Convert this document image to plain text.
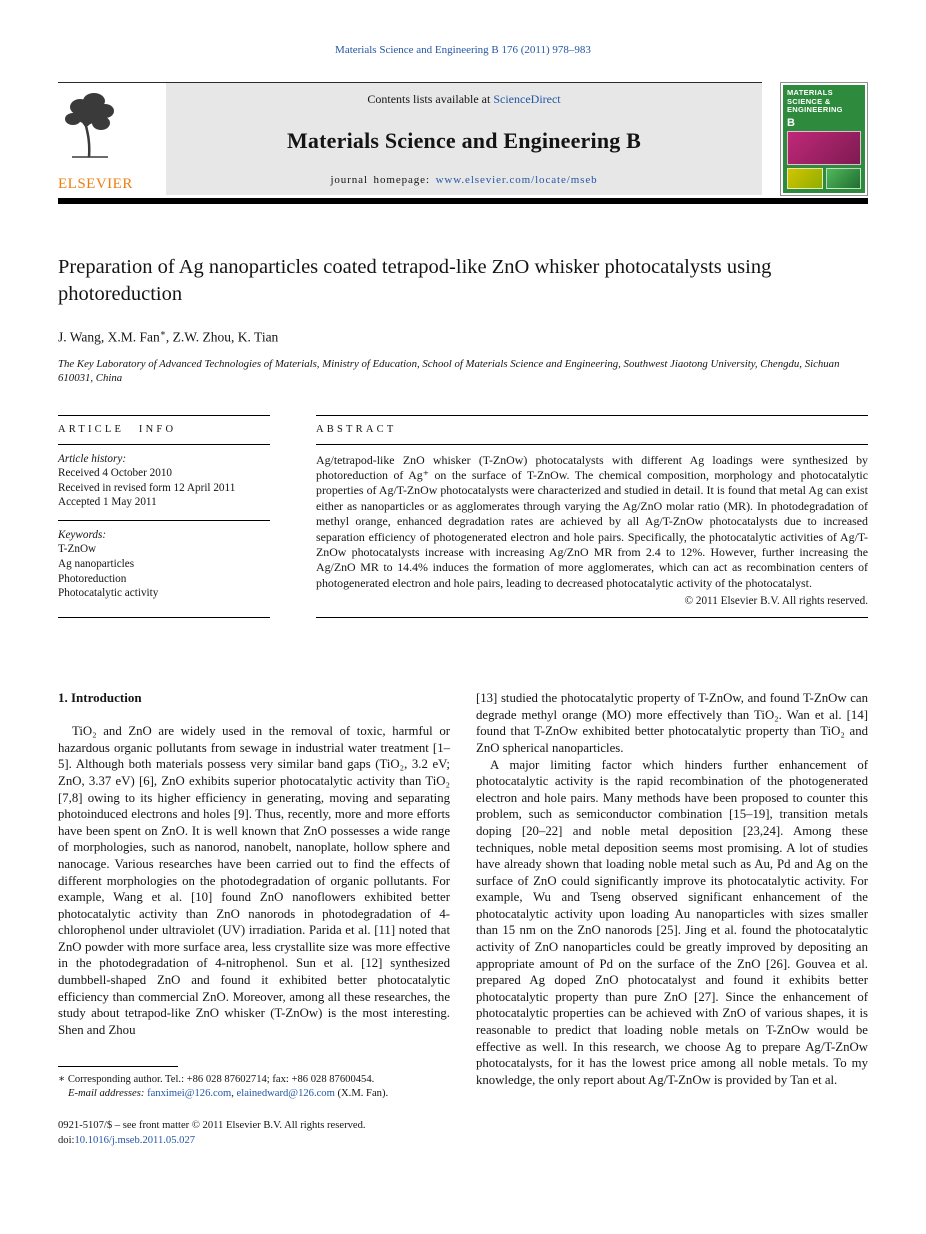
Materials Science and Engineering B 176 (2011) 978–983
ELSEVIER
Contents lists available at ScienceDirect
Materials Science and Engineering B
journal homepage: www.elsevier.com/locate/mseb
MATERIALS
SCIENCE &
ENGINEERING
B
Preparation of Ag nanoparticles coated tetrapod-like ZnO whisker photocatalysts using photoreduction
J. Wang, X.M. Fan∗, Z.W. Zhou, K. Tian
The Key Laboratory of Advanced Technologies of Materials, Ministry of Education, School of Materials Science and Engineering, Southwest Jiaotong University, Chengdu, Sichuan 610031, China
ARTICLE INFO
Article history:
Received 4 October 2010
Received in revised form 12 April 2011
Accepted 1 May 2011
Keywords:
T-ZnOw
Ag nanoparticles
Photoreduction
Photocatalytic activity
ABSTRACT
Ag/tetrapod-like ZnO whisker (T-ZnOw) photocatalysts with different Ag loadings were synthesized by photoreduction of Ag⁺ on the surface of T-ZnOw. The chemical composition, morphology and photocatalytic properties of Ag/T-ZnOw photocatalysts were characterized and studied in detail. It is found that metal Ag can exist either as nanoparticles or as agglomerates through varying the Ag/ZnO molar ratio (MR). In photodegradation of methyl orange, enhanced degradation rates are achieved by all Ag/T-ZnOw photocatalysts due to increased separation efficiency of photogenerated electron and hole pairs. Specifically, the photocatalytic activities of Ag/T-ZnOw photocatalysts increase with increasing Ag/ZnO MR from 2.4 to 12%. However, further increasing the Ag/ZnO MR to 14.4% induces the formation of more agglomerates, which can act as recombination centers of photogenerated electron and hole pairs, leading to decreased photocatalytic activity of the photocatalyst.
© 2011 Elsevier B.V. All rights reserved.
1. Introduction

TiO₂ and ZnO are widely used in the removal of toxic, harmful or hazardous organic pollutants from sewage in industrial water treatment [1–5]. Although both materials possess very similar band gaps (TiO₂, 3.2 eV; ZnO, 3.37 eV) [6], ZnO exhibits superior photocatalytic activity than TiO₂ [7,8] owing to its higher efficiency in generating, moving and separating photoinduced electrons and holes [9]. Thus, recently, more and more efforts have been spent on ZnO. It is well known that ZnO possesses a wide range of morphologies, such as nanorod, nanobelt, nanoplate, hollow sphere and nanocage. Various researches have been carried out to find the effects of different morphologies on the photodegradation of organic pollutants. For example, Wang et al. [10] found ZnO nanoflowers exhibited better photocatalytic activity than ZnO nanorods in photodegradation of 4-chlorophenol under ultraviolet (UV) irradiation. Parida et al. [11] noted that ZnO powder with more surface area, less crystallite size was more effective in the photodegradation of 4-nitrophenol. Sun et al. [12] synthesized dumbbell-shaped ZnO and found it exhibited better photocatalytic efficiency than commercial ZnO. Moreover, among all these researches, the study about tetrapod-like ZnO whisker (T-ZnOw) is the most interesting. Shen and Zhou

∗ Corresponding author. Tel.: +86 028 87602714; fax: +86 028 87600454.
E-mail addresses: fanximei@126.com, elainedward@126.com (X.M. Fan).
0921-5107/$ – see front matter © 2011 Elsevier B.V. All rights reserved.
doi:10.1016/j.mseb.2011.05.027

[13] studied the photocatalytic property of T-ZnOw, and found T-ZnOw can degrade methyl orange (MO) more effectively than TiO₂. Wan et al. [14] found that T-ZnOw exhibited better photocatalytic property than TiO₂ and ZnO spherical nanoparticles.

A major limiting factor which hinders further enhancement of photocatalytic activity is the rapid recombination of the photogenerated electron and hole pairs. Many methods have been proposed to counter this problem, such as semiconductor combination [15–19], transition metals doping [20–22] and noble metal deposition [23,24]. Among these techniques, noble metal deposition seems most promising. A lot of studies have already shown that loading noble metal such as Au, Pd and Ag on the surface of ZnO could significantly improve its photocatalytic activity. For example, Wu and Tseng observed significant enhancement of the photocatalytic activity upon loading Au nanoparticles with sizes smaller than 15 nm on the ZnO nanorods [25]. Jing et al. found the photocatalytic activity of ZnO nanoparticles could be greatly improved by depositing an appropriate amount of Pd on the surface of the ZnO [26]. Gouvea et al. prepared Ag doped ZnO photocatalyst and found it exhibits better photocatalytic property than pure ZnO [27]. Since the enhancement of photocatalytic properties can be achieved with ZnO of various shapes, it is reasonable to predict that loading noble metals on T-ZnOw would be effective as well. In this research, we choose Ag to prepare Ag/T-ZnOw photocatalysts, for it has the lowest price among all noble metals. To my knowledge, the only report about Ag/T-ZnOw is provided by Tan et al.
